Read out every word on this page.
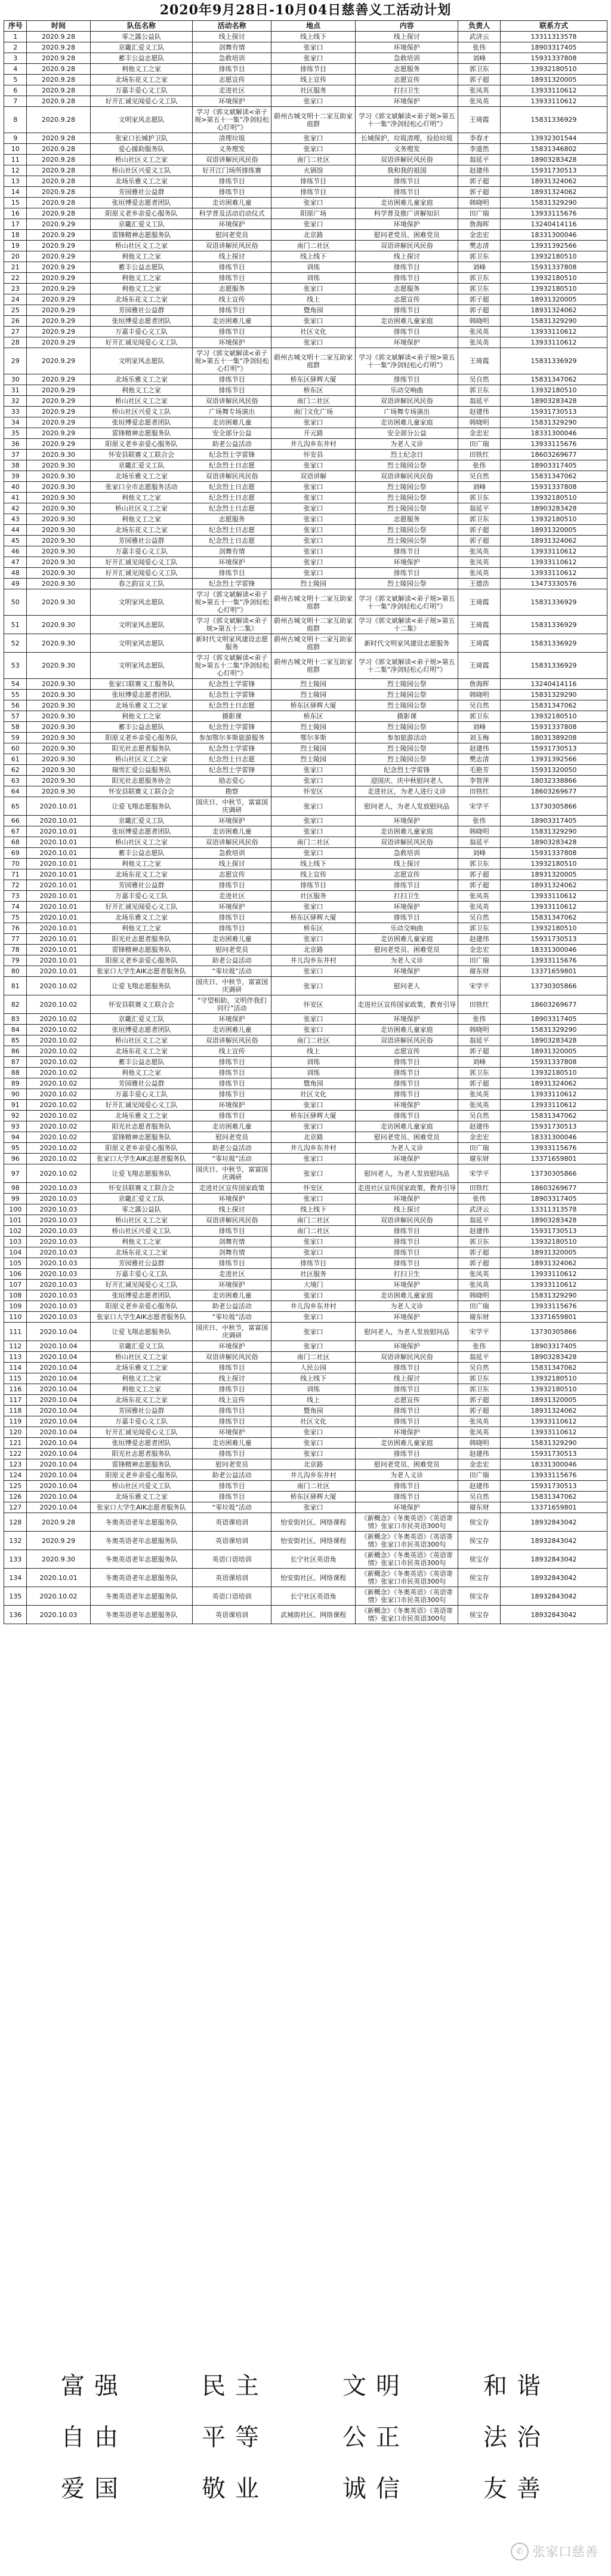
2020年9月28日-10月04日慈善义工活动计划
序号	时间	队伍名称	活动名称	地点	内容	负责人	联系方式
1	2020.9.28	零之露公益队	线上探讨	线上线下	线上探讨	武济云	13311313578
2	2020.9.28	京畿汇爱义工队	剑舞有情	张家口	环境保护	张伟	18903317405
3	2020.9.28	蓄丰公益志愿队	急救培训	张家口	急救培训	刘峰	15931337808
4	2020.9.28	利他义工之家	排练节目	排练节目	志愿服务	郭卫东	13932180510
5	2020.9.28	北场东花义工之家	志愿宣传	线上宣传	志愿宣传	郭子超	18931320005
6	2020.9.28	万嘉丰爱心义工队	走进社区	社区服务	打扫卫生	张凤英	13933110612
7	2020.9.28	好开汇诚见闻爱心义工队	环境保护	张家口	环境保护	张凤英	13933110612
8	2020.9.28	文明家风志愿队	学习《郭文斌解读<弟子规>第五十一集“净剑轻松心灯明”》	蔚州古城文明十二家互助家庭群	学习《郭文斌解读<弟子规>第五十一集“净剑轻松心灯明”》	王琦霞	15831336929
9	2020.9.28	张家口长城护卫队	清理垃圾	张家口	长城保护，垃圾清理，捡拾垃圾	李春才	13932301544
10	2020.9.28	爱心援助服务队	义务理发	张家口	义务理发	李道然	15831346802
11	2020.9.28	桥山社区义工之家	双语讲解民风民俗	南门二社区	双语讲解民风民俗	翁延平	18903283428
12	2020.9.28	桥山社区兴爱义工队	好开江门场所排练赛	火锅馆	我和我的祖国	赵建伟	15931730513
13	2020.9.28	北场乐雅义工之家	排练节目	排练节目	排练节目	郭子超	18931324062
14	2020.9.28	芳园雅社公益群	排练节目	排练节目	排练节目	郭子超	18931324062
15	2020.9.28	张垣博爱志愿者团队	走访困难儿童	张家口	走访困难儿童家庭	韩晓明	15831329290
16	2020.9.28	阳原义老乡亲爱心服务队	科学普及活动启动仪式	阳原广场	科学普及推广讲解知识	田广瑞	13933115676
17	2020.9.29	京畿汇爱义工队	环境保护	张家口	环境保护	詹海晖	13240414116
18	2020.9.29	雷锋精神志愿服务队	慰问老党员	北京路	慰问老党员、困难党员	金忠宏	18331300046
19	2020.9.29	桥山社区义工之家	双语讲解民风民俗	南门二社区	双语讲解民风民俗	樊志清	13931392566
20	2020.9.29	利他义工之家	线上探讨	线上线下	线上探讨	郭卫东	13932180510
21	2020.9.29	蓄丰公益志愿队	排练节目	训练	排练节目	刘峰	15931337808
22	2020.9.29	利他义工之家	排练节目	训练	排练节目	郭卫东	13932180510
23	2020.9.29	利他义工之家	志愿服务	张家口	志愿服务	郭卫东	13932180510
24	2020.9.29	北场东花义工之家	线上宣传	线上	志愿宣传	郭子超	18931320005
25	2020.9.29	芳园雅社公益群	排练节目	暨角园	排练节目	郭子超	18931324062
26	2020.9.29	张垣博爱志愿者团队	走访困难儿童	张家口	走访困难儿童家庭	韩晓明	15831329290
27	2020.9.29	万嘉丰爱心义工队	排练节目	社区文化	排练节目	张凤英	13933110612
28	2020.9.29	好开汇诚见闻爱心义工队	环境保护	张家口	环境保护	张凤英	13933110612
29	2020.9.29	文明家风志愿队	学习《郭文斌解读<弟子规>第五十一集“净剑轻松心灯明”》	蔚州古城文明十二家互助家庭群	学习《郭文斌解读<弟子规>第五十一集“净剑轻松心灯明”》	王琦霞	15831336929
30	2020.9.29	北场乐雅义工之家	排练节目	桥东区驿辉大厦	排练节目	吴自然	15831347062
31	2020.9.29	利他义工之家	排练节目	桥东区	乐动交响曲	郭卫东	13932180510
32	2020.9.29	桥山社区义工之家	双语讲解民风民俗	南门二社区	双语讲解民风民俗	翁延平	18903283428
33	2020.9.29	桥山社区兴爱义工队	广场舞专场演出	南门文化广场	广场舞专场演出	赵建伟	15931730513
34	2020.9.29	张垣博爱志愿者团队	走访困难儿童	张家口	走访困难儿童家庭	韩晓明	15831329290
35	2020.9.29	雷锋精神志愿服务队	安全部分公益	开元路	安全部分公益	金忠宏	18331300046
36	2020.9.29	阳原义老乡亲爱心服务队	助老公益活动	井儿沟乡东井村	为老人义诊	田广瑞	13933115676
37	2020.9.30	怀安县联赛义工联合会	纪念烈士学雷锋	怀安县	烈士纪念日	田铁红	18603269677
38	2020.9.30	京畿汇爱义工队	纪念烈士日志愿	张家口	烈士陵园公祭	张伟	18903317405
39	2020.9.30	北场乐雅义工之家	双语讲解民风民俗	双语讲解	双语讲解民风民俗	吴自然	15831347062
40	2020.9.30	张家口全市志愿服务活动	纪念烈士日志愿	张家口	烈士陵园公祭	刘峰	15931337808
41	2020.9.30	利他义工之家	纪念烈士日志愿	张家口	烈士陵园公祭	郭卫东	13932180510
42	2020.9.30	桥山社区义工之家	纪念烈士日志愿	张家口	烈士陵园公祭	翁延平	18903283428
43	2020.9.30	利他义工之家	志愿服务	张家口	志愿服务	郭卫东	13932180510
44	2020.9.30	北场东花义工之家	纪念烈士日志愿	张家口	烈士陵园公祭	郭子超	18931320005
45	2020.9.30	芳园雅社公益群	纪念烈士日志愿	张家口	烈士陵园公祭	郭子超	18931324062
46	2020.9.30	万嘉丰爱心义工队	剑舞有情	张家口	排练节目	张凤英	13933110612
47	2020.9.30	好开汇诚见闻爱心义工队	环境保护	张家口	环境保护	张凤英	13933110612
48	2020.9.30	好开汇诚见闻爱心义工队	排练节目	张家口	排练节目	张凤英	13933110612
49	2020.9.30	春之韵宣义工队	纪念烈士学雷锋	烈士陵园	烈士陵园公祭	王德浩	13473330576
50	2020.9.30	文明家风志愿队	学习《郭文斌解读<弟子规>第五十一集“净剑轻松心灯明”》	蔚州古城文明十二家互助家庭群	学习《郭文斌解读<弟子规>第五十一集“净剑轻松心灯明”》	王琦霞	15831336929
51	2020.9.30	文明家风志愿队	学习《郭文斌解读<弟子规>第五十二集》	蔚州古城文明十二家互助家庭群	学习《郭文斌解读<弟子规>第五十二集》	王琦霞	15831336929
52	2020.9.30	文明家风志愿队	新时代文明家风建设志愿服务	蔚州古城文明十二家互助家庭群	新时代文明家风建设志愿服务	王琦霞	15831336929
53	2020.9.30	文明家风志愿队	学习《郭文斌解读<弟子规>第五十二集“净剑轻松心灯明”》	蔚州古城文明十二家互助家庭群	学习《郭文斌解读<弟子规>第五十二集“净剑轻松心灯明”》	王琦霞	15831336929
54	2020.9.30	张家口联赛义工服务队	纪念烈士学雷锋	烈士陵园	烈士陵园公祭	詹海晖	13240414116
55	2020.9.30	张垣博爱志愿者团队	纪念烈士学雷锋	烈士陵园	烈士陵园公祭	韩晓明	15831329290
56	2020.9.30	北场乐雅义工之家	纪念烈士日志愿	桥东区驿辉大厦	烈士陵园公祭	吴自然	15831347062
57	2020.9.30	利他义工之家	摄影课	桥东区	摄影课	郭卫东	13932180510
58	2020.9.30	蓄丰公益志愿队	纪念烈士学雷锋	烈士陵园	烈士陵园公祭	刘峰	15931337808
59	2020.9.30	阳原义老乡亲爱心服务队	参加鄂尔多斯旅游服务	鄂尔多斯	参加旅游活动	刘玉梅	18031389208
60	2020.9.30	阳光社志愿者服务队	纪念烈士学雷锋	烈士陵园	烈士陵园公祭	赵建伟	15931730513
61	2020.9.30	桥山社区义工之家	纪念烈士日志愿	烈士陵园	烈士陵园公祭	樊志清	13931392566
62	2020.9.30	瑞雪汇爱公益服务队	纪念烈士学雷锋	张家口	纪念烈士学雷锋	毛艳芳	15931320050
63	2020.9.30	阳光社志愿服务协会	励志爱心	张家口	迎国庆、庆中秋慰问老人	李管萍	18032338866
64	2020.9.30	怀安县联赛义工联合会	勘察	怀安区	走进社区，为老人进行义诊	田铁红	18603269677
65	2020.10.01	让爱飞翔志愿服务队	国庆日、中秋节，富富国庆调研	张家口	慰问老人，为老人发放慰问品	宋学平	13730305866
66	2020.10.01	京畿汇爱义工队	环境保护	张家口	环境保护	张伟	18903317405
67	2020.10.01	张垣博爱志愿者团队	走访困难儿童	张家口	走访困难儿童家庭	韩晓明	15831329290
68	2020.10.01	桥山社区义工之家	双语讲解民风民俗	南门二社区	双语讲解民风民俗	翁延平	18903283428
69	2020.10.01	蓄丰公益志愿队	急救培训	张家口	急救培训	刘峰	15931337808
70	2020.10.01	利他义工之家	线上探讨	线上线下	线上探讨	郭卫东	13932180510
71	2020.10.01	北场东花义工之家	志愿宣传	线上宣传	志愿宣传	郭子超	18931320005
72	2020.10.01	芳园雅社公益群	排练节目	排练节目	排练节目	郭子超	18931324062
73	2020.10.01	万嘉丰爱心义工队	走进社区	社区服务	打扫卫生	张凤英	13933110612
74	2020.10.01	好开汇诚见闻爱心义工队	环境保护	张家口	环境保护	张凤英	13933110612
75	2020.10.01	北场乐雅义工之家	排练节目	桥东区驿辉大厦	排练节目	吴自然	15831347062
76	2020.10.01	利他义工之家	排练节目	桥东区	乐动交响曲	郭卫东	13932180510
77	2020.10.01	阳光社志愿者服务队	走访困难儿童	张家口	走访困难儿童家庭	赵建伟	15931730513
78	2020.10.01	雷锋精神志愿服务队	慰问老党员	北京路	慰问老党员、困难党员	金忠宏	18331300046
79	2020.10.01	阳原义老乡亲爱心服务队	助老公益活动	井儿沟乡东井村	为老人义诊	田广瑞	13933115676
80	2020.10.01	张家口大学生AIK志愿者服务队	“零垃圾”活动	张家口	环境保护	谢东财	13371659801
81	2020.10.02	让爱飞翔志愿服务队	国庆日、中秋节，富富国庆调研	张家口	慰问老人	宋学平	13730305866
82	2020.10.02	怀安县联赛义工联合会	“守望相助，文明伴我们同行”活动	怀安区	走进社区宣传国家政策，教育引导	田铁红	18603269677
83	2020.10.02	京畿汇爱义工队	环境保护	张家口	环境保护	张伟	18903317405
84	2020.10.02	张垣博爱志愿者团队	走访困难儿童	张家口	走访困难儿童家庭	韩晓明	15831329290
85	2020.10.02	桥山社区义工之家	双语讲解民风民俗	南门二社区	双语讲解民风民俗	翁延平	18903283428
86	2020.10.02	北场东花义工之家	线上宣传	线上	志愿宣传	郭子超	18931320005
87	2020.10.02	蓄丰公益志愿队	排练节目	训练	排练节目	刘峰	15931337808
88	2020.10.02	利他义工之家	排练节目	训练	排练节目	郭卫东	13932180510
89	2020.10.02	芳园雅社公益群	排练节目	暨角园	排练节目	郭子超	18931324062
90	2020.10.02	万嘉丰爱心义工队	排练节目	社区文化	排练节目	张凤英	13933110612
91	2020.10.02	好开汇诚见闻爱心义工队	环境保护	张家口	环境保护	张凤英	13933110612
92	2020.10.02	北场乐雅义工之家	排练节目	桥东区驿辉大厦	排练节目	吴自然	15831347062
93	2020.10.02	阳光社志愿者服务队	走访困难儿童	张家口	走访困难儿童家庭	赵建伟	15931730513
94	2020.10.02	雷锋精神志愿服务队	慰问老党员	北京路	慰问老党员、困难党员	金忠宏	18331300046
95	2020.10.02	阳原义老乡亲爱心服务队	助老公益活动	井儿沟乡东井村	为老人义诊	田广瑞	13933115676
96	2020.10.02	张家口大学生AIK志愿者服务队	“零垃圾”活动	张家口	环境保护	谢东财	13371659801
97	2020.10.02	让爱飞翔志愿服务队	国庆日、中秋节，富富国庆调研	张家口	慰问老人，为老人发放慰问品	宋学平	13730305866
98	2020.10.03	怀安县联赛义工联合会	走进社区宣传国家政策	怀安区	走进社区宣传国家政策，教育引导	田铁红	18603269677
99	2020.10.03	京畿汇爱义工队	环境保护	张家口	环境保护	张伟	18903317405
100	2020.10.03	零之露公益队	线上探讨	线上线下	线上探讨	武济云	13311313578
101	2020.10.03	桥山社区义工之家	双语讲解民风民俗	南门二社区	双语讲解民风民俗	翁延平	18903283428
102	2020.10.03	桥山社区兴爱义工队	排练节目	南门二社区	排练节目	赵建伟	15931730513
103	2020.10.03	利他义工之家	剑舞有情	张家口	排练节目	郭卫东	13932180510
104	2020.10.03	北场东花义工之家	剑舞有情	张家口	排练节目	郭子超	18931320005
105	2020.10.03	芳园雅社公益群	排练节目	排练节目	排练节目	郭子超	18931324062
106	2020.10.03	万嘉丰爱心义工队	走进社区	社区服务	打扫卫生	张凤英	13933110612
107	2020.10.03	好开汇诚见闻爱心义工队	环境保护	大境门	环境保护	张凤英	13933110612
108	2020.10.03	张垣博爱志愿者团队	走访困难儿童	张家口	走访困难儿童家庭	韩晓明	15831329290
109	2020.10.03	阳原义老乡亲爱心服务队	助老公益活动	井儿沟乡东井村	为老人义诊	田广瑞	13933115676
110	2020.10.03	张家口大学生AIK志愿者服务队	“零垃圾”活动	张家口	环境保护	谢东财	13371659801
111	2020.10.04	让爱飞翔志愿服务队	国庆日、中秋节，富富国庆调研	张家口	慰问老人，为老人发放慰问品	宋学平	13730305866
112	2020.10.04	京畿汇爱义工队	环境保护	张家口	环境保护	张伟	18903317405
113	2020.10.04	桥山社区义工之家	双语讲解民风民俗	南门二社区	双语讲解民风民俗	翁延平	18903283428
114	2020.10.04	北场乐雅义工之家	排练节目	人民公园	排练节目	吴自然	15831347062
115	2020.10.04	利他义工之家	线上探讨	线上线下	线上探讨	郭卫东	13932180510
116	2020.10.04	利他义工之家	排练节目	训练	排练节目	郭卫东	13932180510
117	2020.10.04	北场东花义工之家	线上宣传	线上	志愿宣传	郭子超	18931320005
118	2020.10.04	芳园雅社公益群	排练节目	暨角园	排练节目	郭子超	18931324062
119	2020.10.04	万嘉丰爱心义工队	排练节目	社区文化	排练节目	张凤英	13933110612
120	2020.10.04	好开汇诚见闻爱心义工队	环境保护	张家口	环境保护	张凤英	13933110612
121	2020.10.04	张垣博爱志愿者团队	走访困难儿童	张家口	走访困难儿童家庭	韩晓明	15831329290
122	2020.10.04	阳光社志愿者服务队	排练节目	张家口	排练节目	赵建伟	15931730513
123	2020.10.04	雷锋精神志愿服务队	慰问老党员	北京路	慰问老党员、困难党员	金忠宏	18331300046
124	2020.10.04	阳原义老乡亲爱心服务队	助老公益活动	井儿沟乡东井村	为老人义诊	田广瑞	13933115676
125	2020.10.04	桥山社区兴爱义工队	排练节目	南门二社区	排练节目	赵建伟	15931730513
126	2020.10.04	北场乐雅义工之家	排练节目	桥东区驿辉大厦	排练节目	吴自然	15831347062
127	2020.10.04	张家口大学生AIK志愿者服务队	“零垃圾”活动	张家口	环境保护	谢东财	13371659801
128	2020.9.28	冬奥英语老年志愿服务队	英语课培训	怡安街社区、网络课程	《新概念》《冬奥英语》《英语寄情》张家口市民英语300句	侯宝存	18932843042
132	2020.9.29	冬奥英语老年志愿服务队	英语课培训	怡安街社区、网络课程	《新概念》《冬奥英语》《英语寄情》张家口市民英语300句	侯宝存	18932843042
133	2020.9.30	冬奥英语老年志愿服务队	英语口语培训	长宁社区英语角	《新概念》《冬奥英语》《英语寄情》张家口市民英语300句	侯宝存	18932843042
134	2020.10.01	冬奥英语老年志愿服务队	英语课培训	怡安街社区、网络课程	《新概念》《冬奥英语》《英语寄情》张家口市民英语300句	侯宝存	18932843042
135	2020.10.02	冬奥英语老年志愿服务队	英语口语培训	长宁社区英语角	《新概念》《冬奥英语》《英语寄情》张家口市民英语300句	侯宝存	18932843042
136	2020.10.03	冬奥英语老年志愿服务队	英语课培训	武城街社区、网络课程	《新概念》《冬奥英语》《英语寄情》张家口市民英语300句	侯宝存	18932843042
富强	民主	文明	和谐
自由	平等	公正	法治
爱国	敬业	诚信	友善
✆ 张家口慈善
